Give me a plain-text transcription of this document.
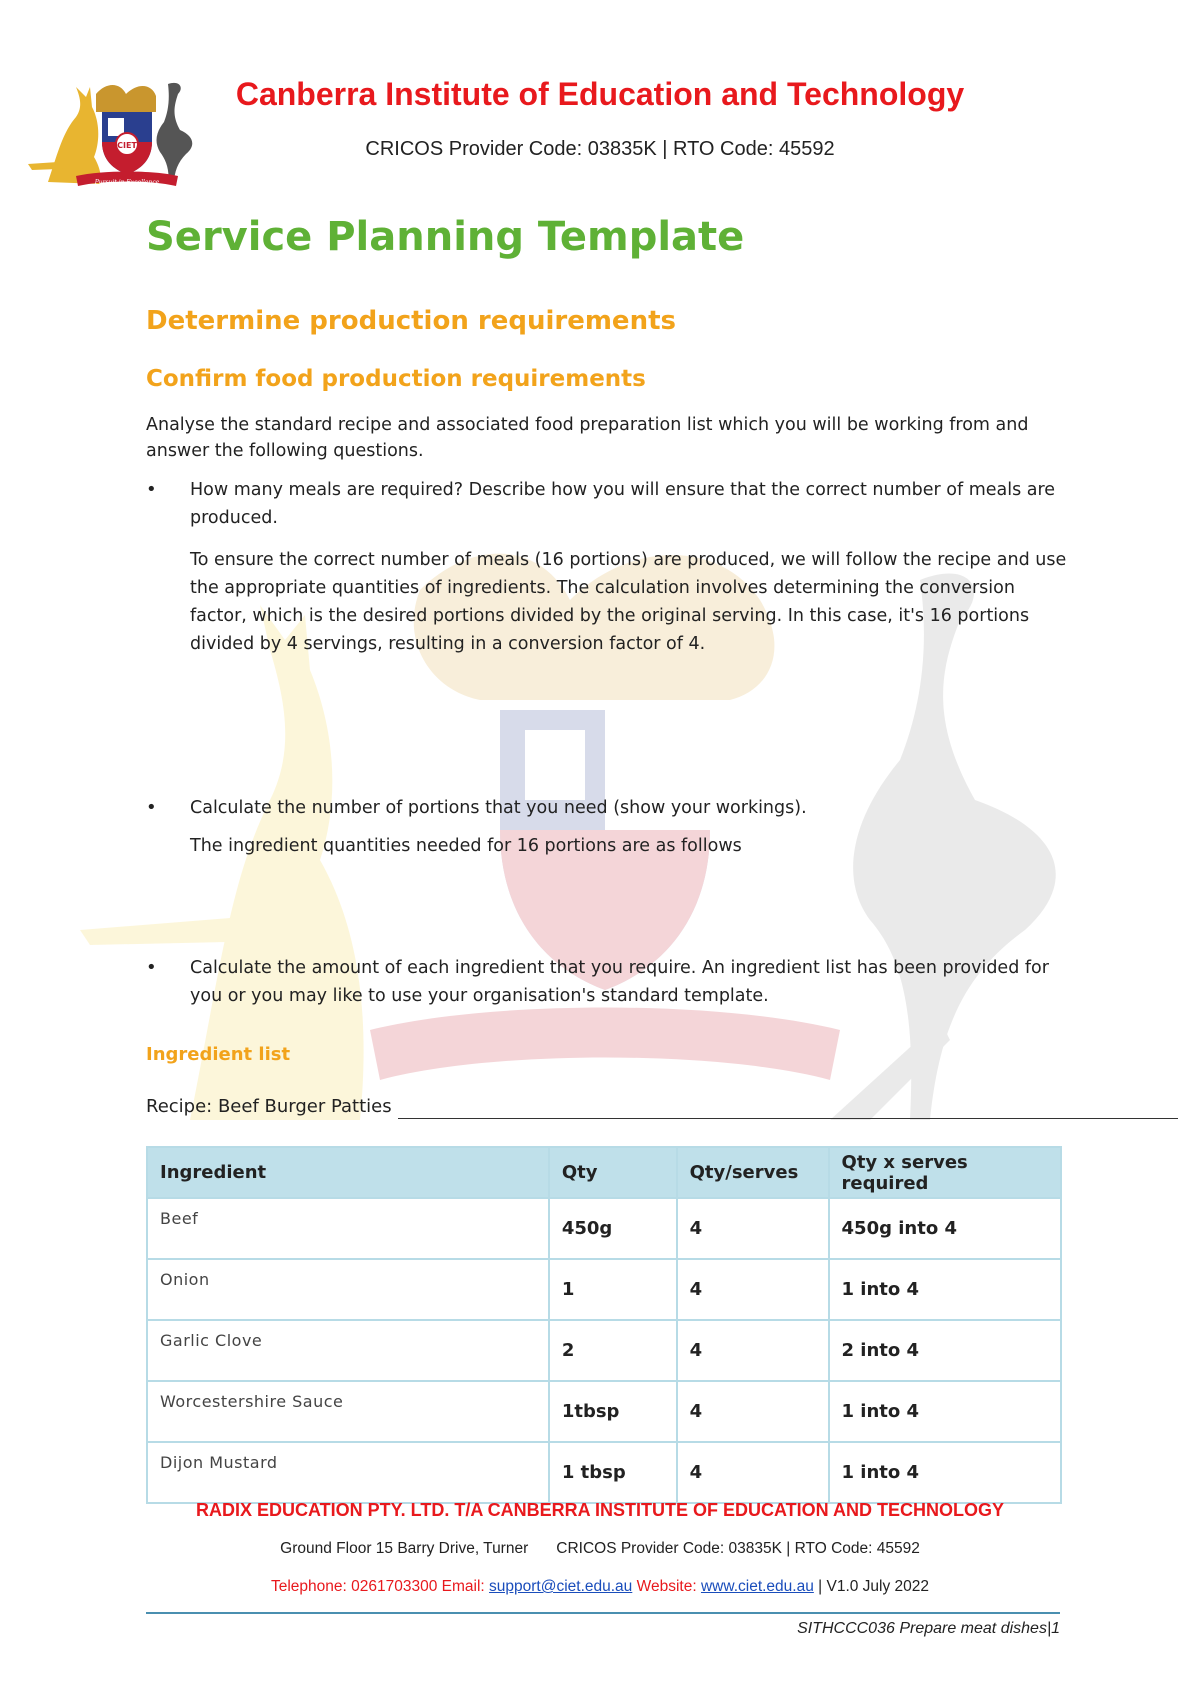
CIET
Pursuit in Excellence
Canberra Institute of Education and Technology
CRICOS Provider Code: 03835K | RTO Code: 45592
Service Planning Template
Determine production requirements
Confirm food production requirements

Analyse the standard recipe and associated food preparation list which you will be working from and answer the following questions.

•	How many meals are required? Describe how you will ensure that the correct number of meals are produced.

To ensure the correct number of meals (16 portions) are produced, we will follow the recipe and use the appropriate quantities of ingredients. The calculation involves determining the conversion factor, which is the desired portions divided by the original serving. In this case, it's 16 portions divided by 4 servings, resulting in a conversion factor of 4.

•	Calculate the number of portions that you need (show your workings).

The ingredient quantities needed for 16 portions are as follows

•	Calculate the amount of each ingredient that you require. An ingredient list has been provided for you or you may like to use your organisation's standard template.
Ingredient list
Recipe: Beef Burger Patties
Ingredient	Qty	Qty/serves	Qty x serves required
Beef	450g	4	450g into 4
Onion	1	4	1 into 4
Garlic Clove	2	4	2 into 4
Worcestershire Sauce	1tbsp	4	1 into 4
Dijon Mustard	1 tbsp	4	1 into 4
RADIX EDUCATION PTY. LTD. T/A CANBERRA INSTITUTE OF EDUCATION AND TECHNOLOGY
Ground Floor 15 Barry Drive, Turner CRICOS Provider Code: 03835K | RTO Code: 45592
Telephone: 0261703300 Email: support@ciet.edu.au Website: www.ciet.edu.au | V1.0 July 2022
SITHCCC036 Prepare meat dishes|1
